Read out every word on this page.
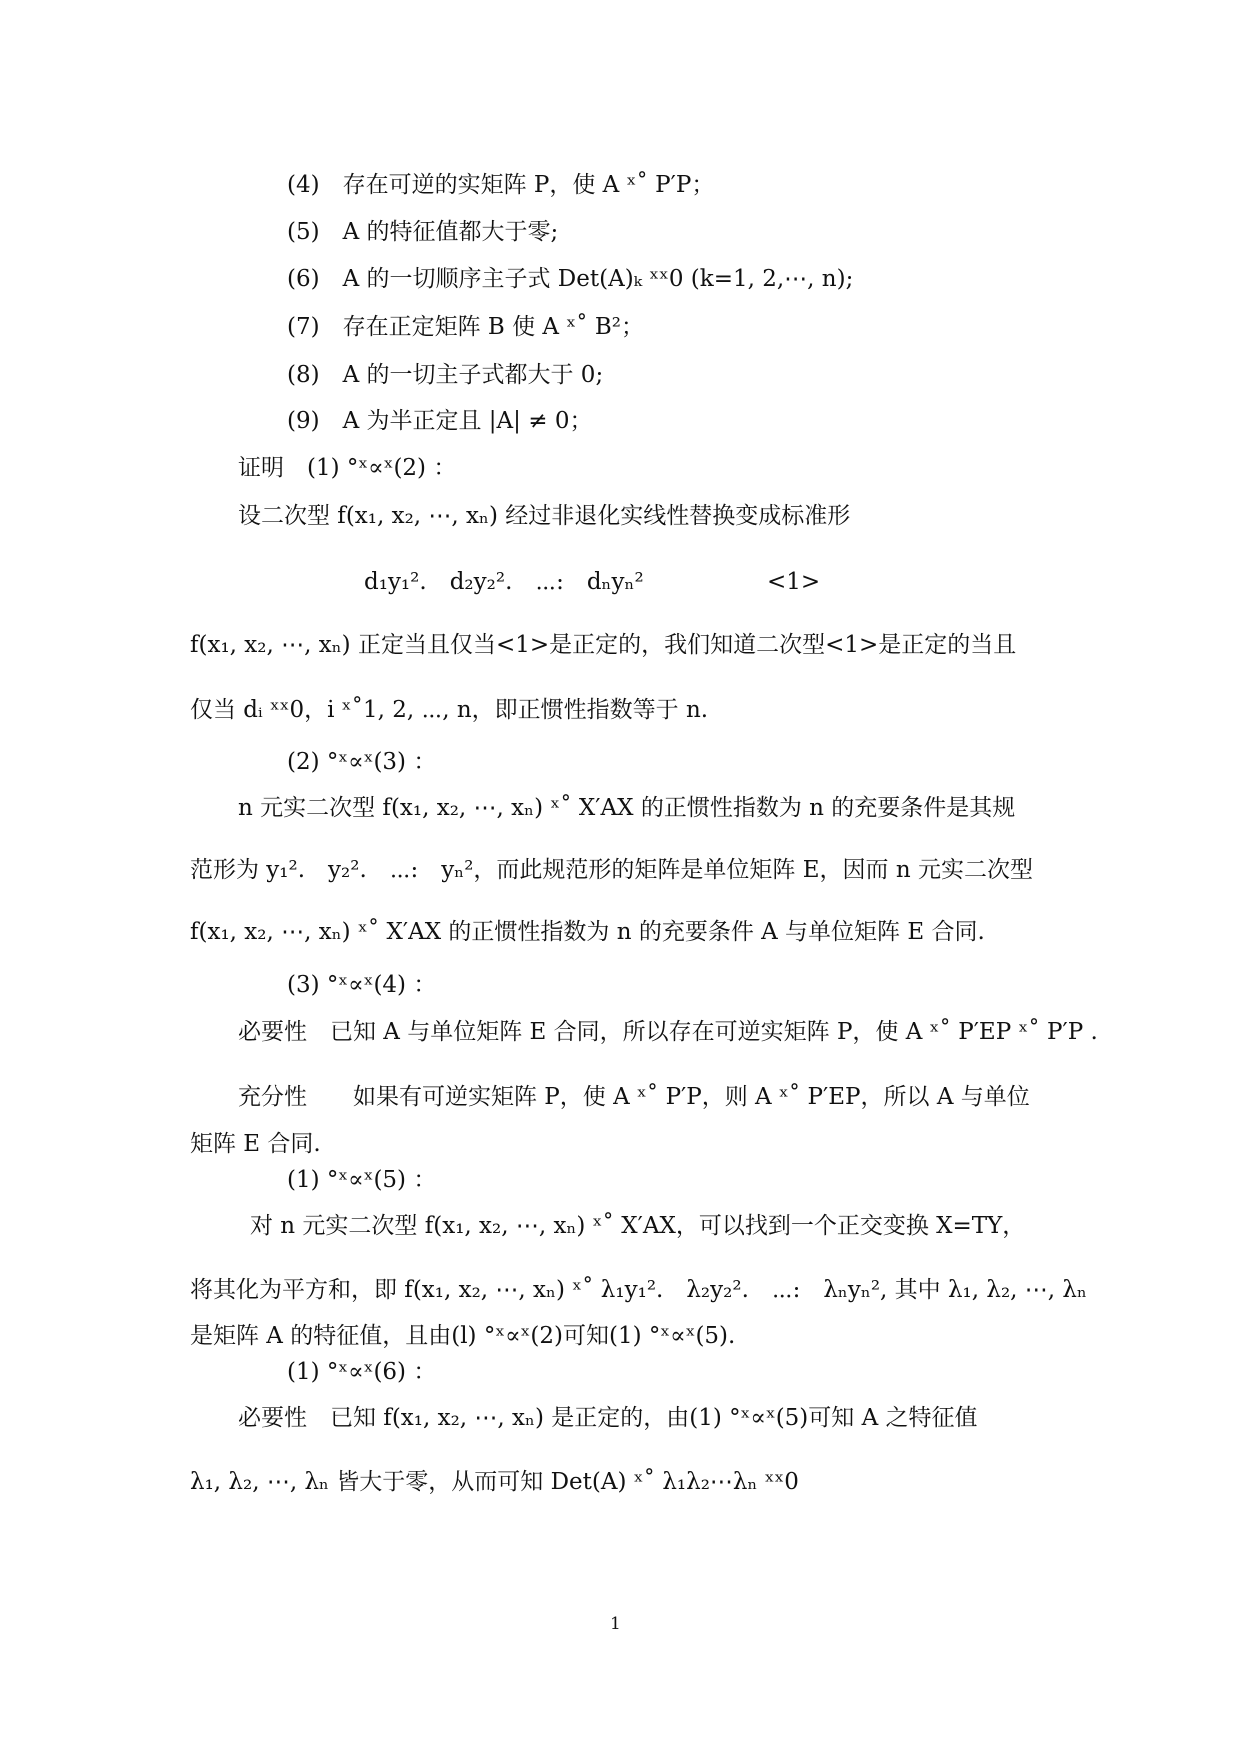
(4)　存在可逆的实矩阵 P，使 A ˣ˚ P′P；
(5)　A 的特征值都大于零;
(6)　A 的一切顺序主子式 Det(A)ₖ ˣˣ0 (k=1, 2,⋯, n);
(7)　存在正定矩阵 B 使 A ˣ˚ B²；
(8)　A 的一切主子式都大于 0;
(9)　A 为半正定且 |A| ≠ 0；
证明　(1) °ˣ∝ˣ(2) ：
设二次型 f(x₁, x₂, ⋯, xₙ) 经过非退化实线性替换变成标准形
d₁y₁².　d₂y₂².　⋯:　dₙyₙ²	<1>
f(x₁, x₂, ⋯, xₙ) 正定当且仅当<1>是正定的，我们知道二次型<1>是正定的当且
仅当 dᵢ ˣˣ0，i ˣ˚1, 2, ⋯, n，即正惯性指数等于 n.
(2) °ˣ∝ˣ(3) ：
n 元实二次型 f(x₁, x₂, ⋯, xₙ) ˣ˚ X′AX 的正惯性指数为 n 的充要条件是其规
范形为 y₁².　y₂².　⋯:　yₙ²，而此规范形的矩阵是单位矩阵 E，因而 n 元实二次型
f(x₁, x₂, ⋯, xₙ) ˣ˚ X′AX 的正惯性指数为 n 的充要条件 A 与单位矩阵 E 合同.
(3) °ˣ∝ˣ(4) ：
必要性　已知 A 与单位矩阵 E 合同，所以存在可逆实矩阵 P，使 A ˣ˚ P′EP ˣ˚ P′P .
充分性　　如果有可逆实矩阵 P，使 A ˣ˚ P′P，则 A ˣ˚ P′EP，所以 A 与单位
矩阵 E 合同.
(1) °ˣ∝ˣ(5) ：
对 n 元实二次型 f(x₁, x₂, ⋯, xₙ) ˣ˚ X′AX，可以找到一个正交变换 X=TY，
将其化为平方和，即 f(x₁, x₂, ⋯, xₙ) ˣ˚ λ₁y₁².　λ₂y₂².　⋯:　λₙyₙ², 其中 λ₁, λ₂, ⋯, λₙ
是矩阵 A 的特征值，且由(l) °ˣ∝ˣ(2)可知(1) °ˣ∝ˣ(5).
(1) °ˣ∝ˣ(6) ：
必要性　已知 f(x₁, x₂, ⋯, xₙ) 是正定的，由(1) °ˣ∝ˣ(5)可知 A 之特征值
λ₁, λ₂, ⋯, λₙ 皆大于零，从而可知 Det(A) ˣ˚ λ₁λ₂⋯λₙ ˣˣ0
1
